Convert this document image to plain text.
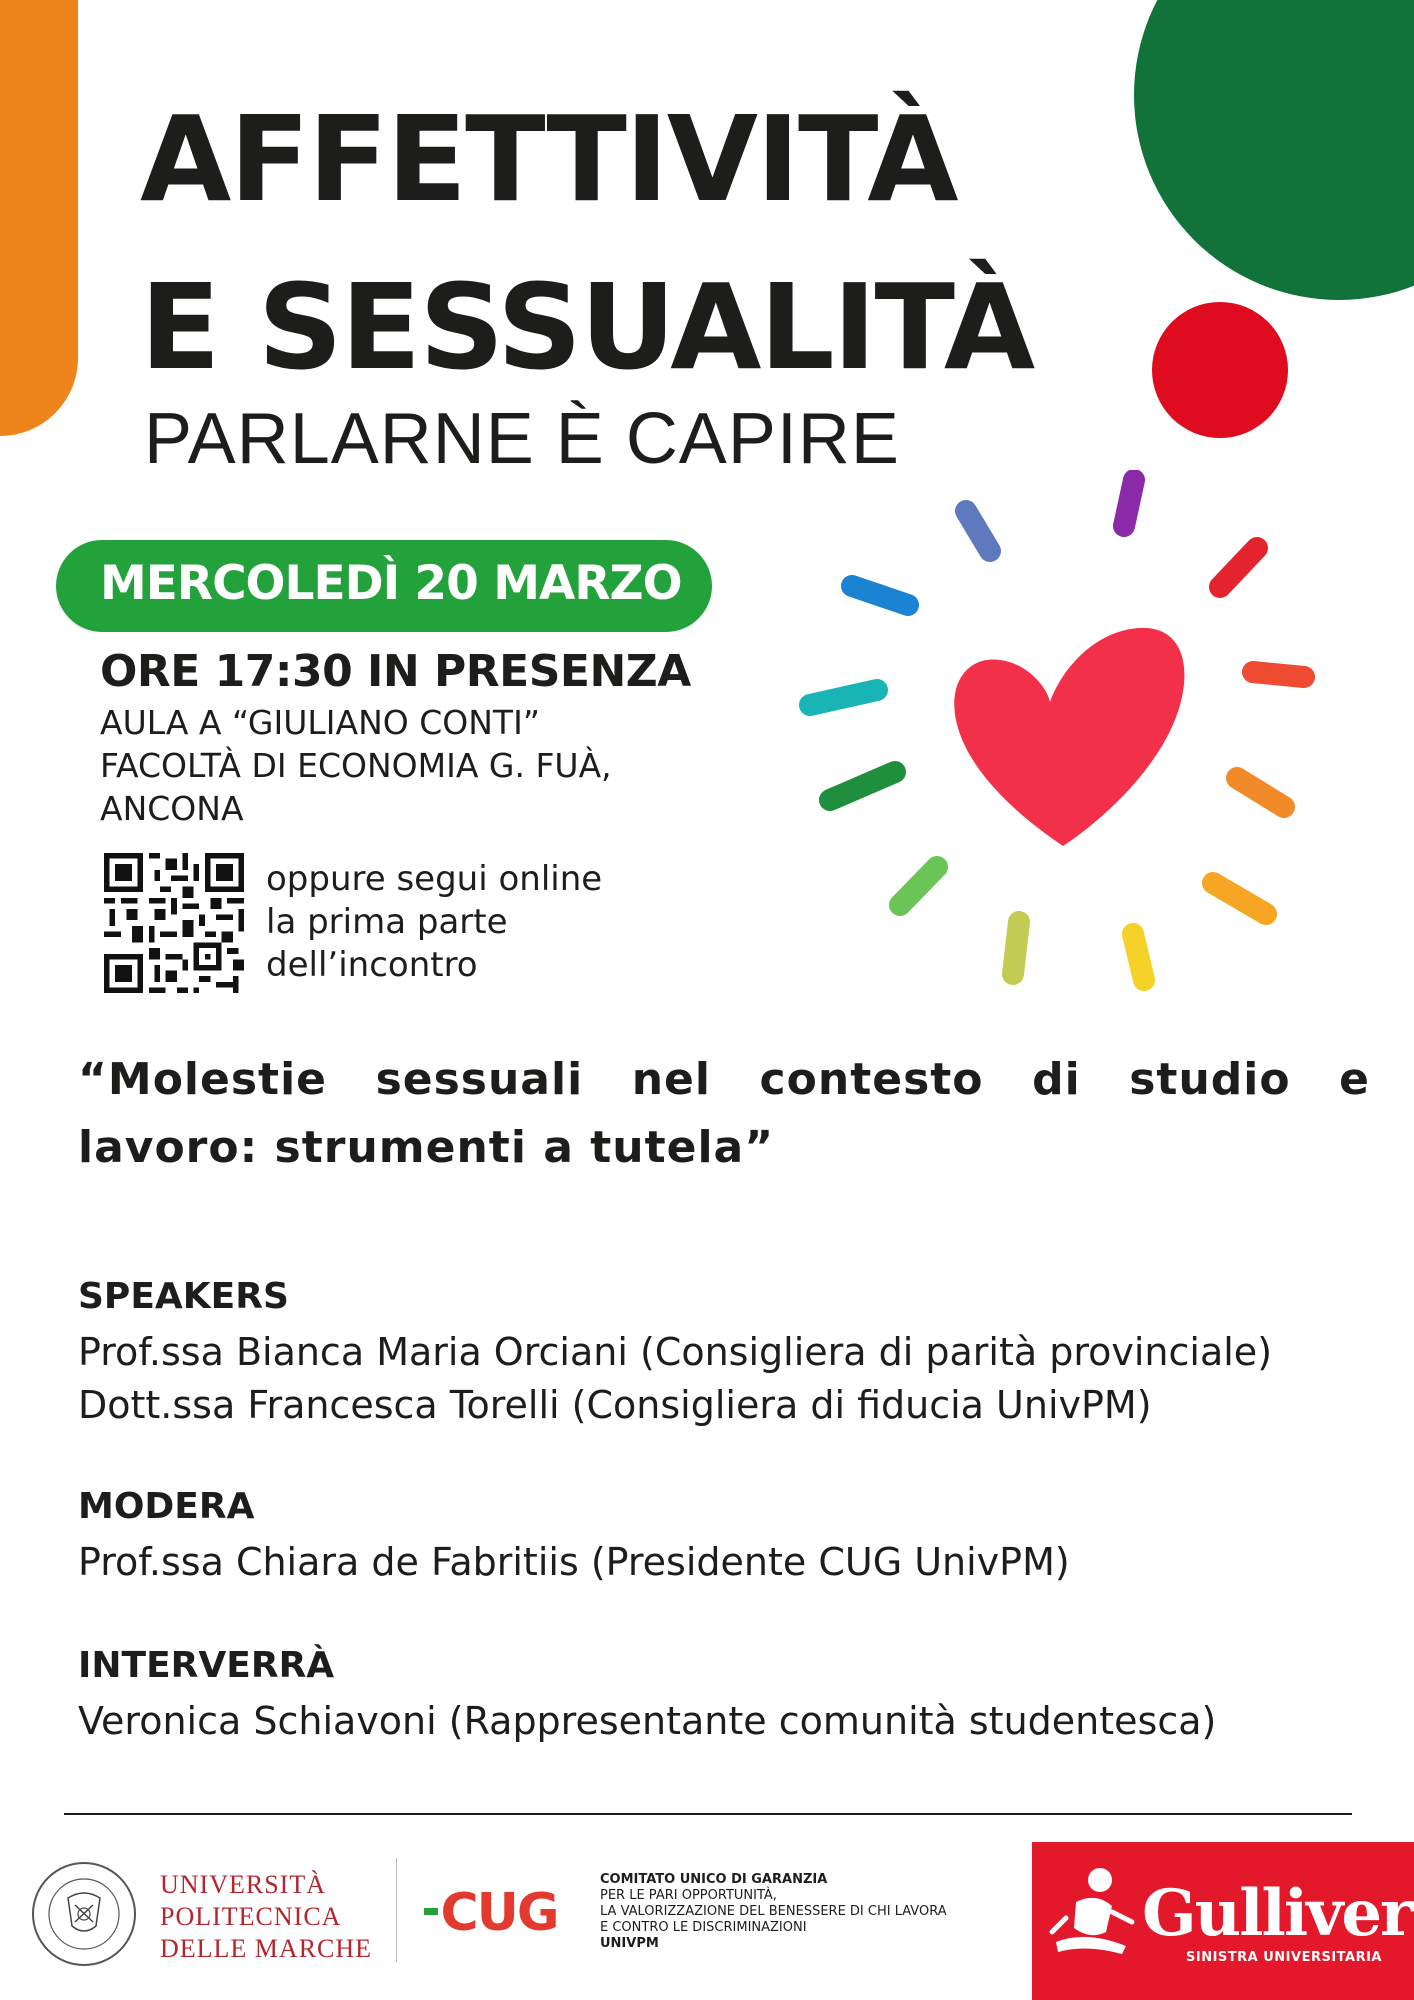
AFFETTIVITÀ
E SESSUALITÀ
PARLARNE È CAPIRE
MERCOLEDÌ 20 MARZO
ORE 17:30 IN PRESENZA
AULA A “GIULIANO CONTI”
FACOLTÀ DI ECONOMIA G. FUÀ,
ANCONA
oppure segui online
la prima parte
dell’incontro
“Molestie sessuali nel contesto di studio e lavoro: strumenti a tutela”
SPEAKERS
Prof.ssa Bianca Maria Orciani (Consigliera di parità provinciale)
Dott.ssa Francesca Torelli (Consigliera di fiducia UnivPM)
MODERA
Prof.ssa Chiara de Fabritiis (Presidente CUG UnivPM)
INTERVERRÀ
Veronica Schiavoni (Rappresentante comunità studentesca)
UNIVERSITÀ
POLITECNICA
DELLE MARCHE
CUG
COMITATO UNICO DI GARANZIA
PER LE PARI OPPORTUNITÀ,
LA VALORIZZAZIONE DEL BENESSERE DI CHI LAVORA
E CONTRO LE DISCRIMINAZIONI
UNIVPM	Gulliver
SINISTRA UNIVERSITARIA
